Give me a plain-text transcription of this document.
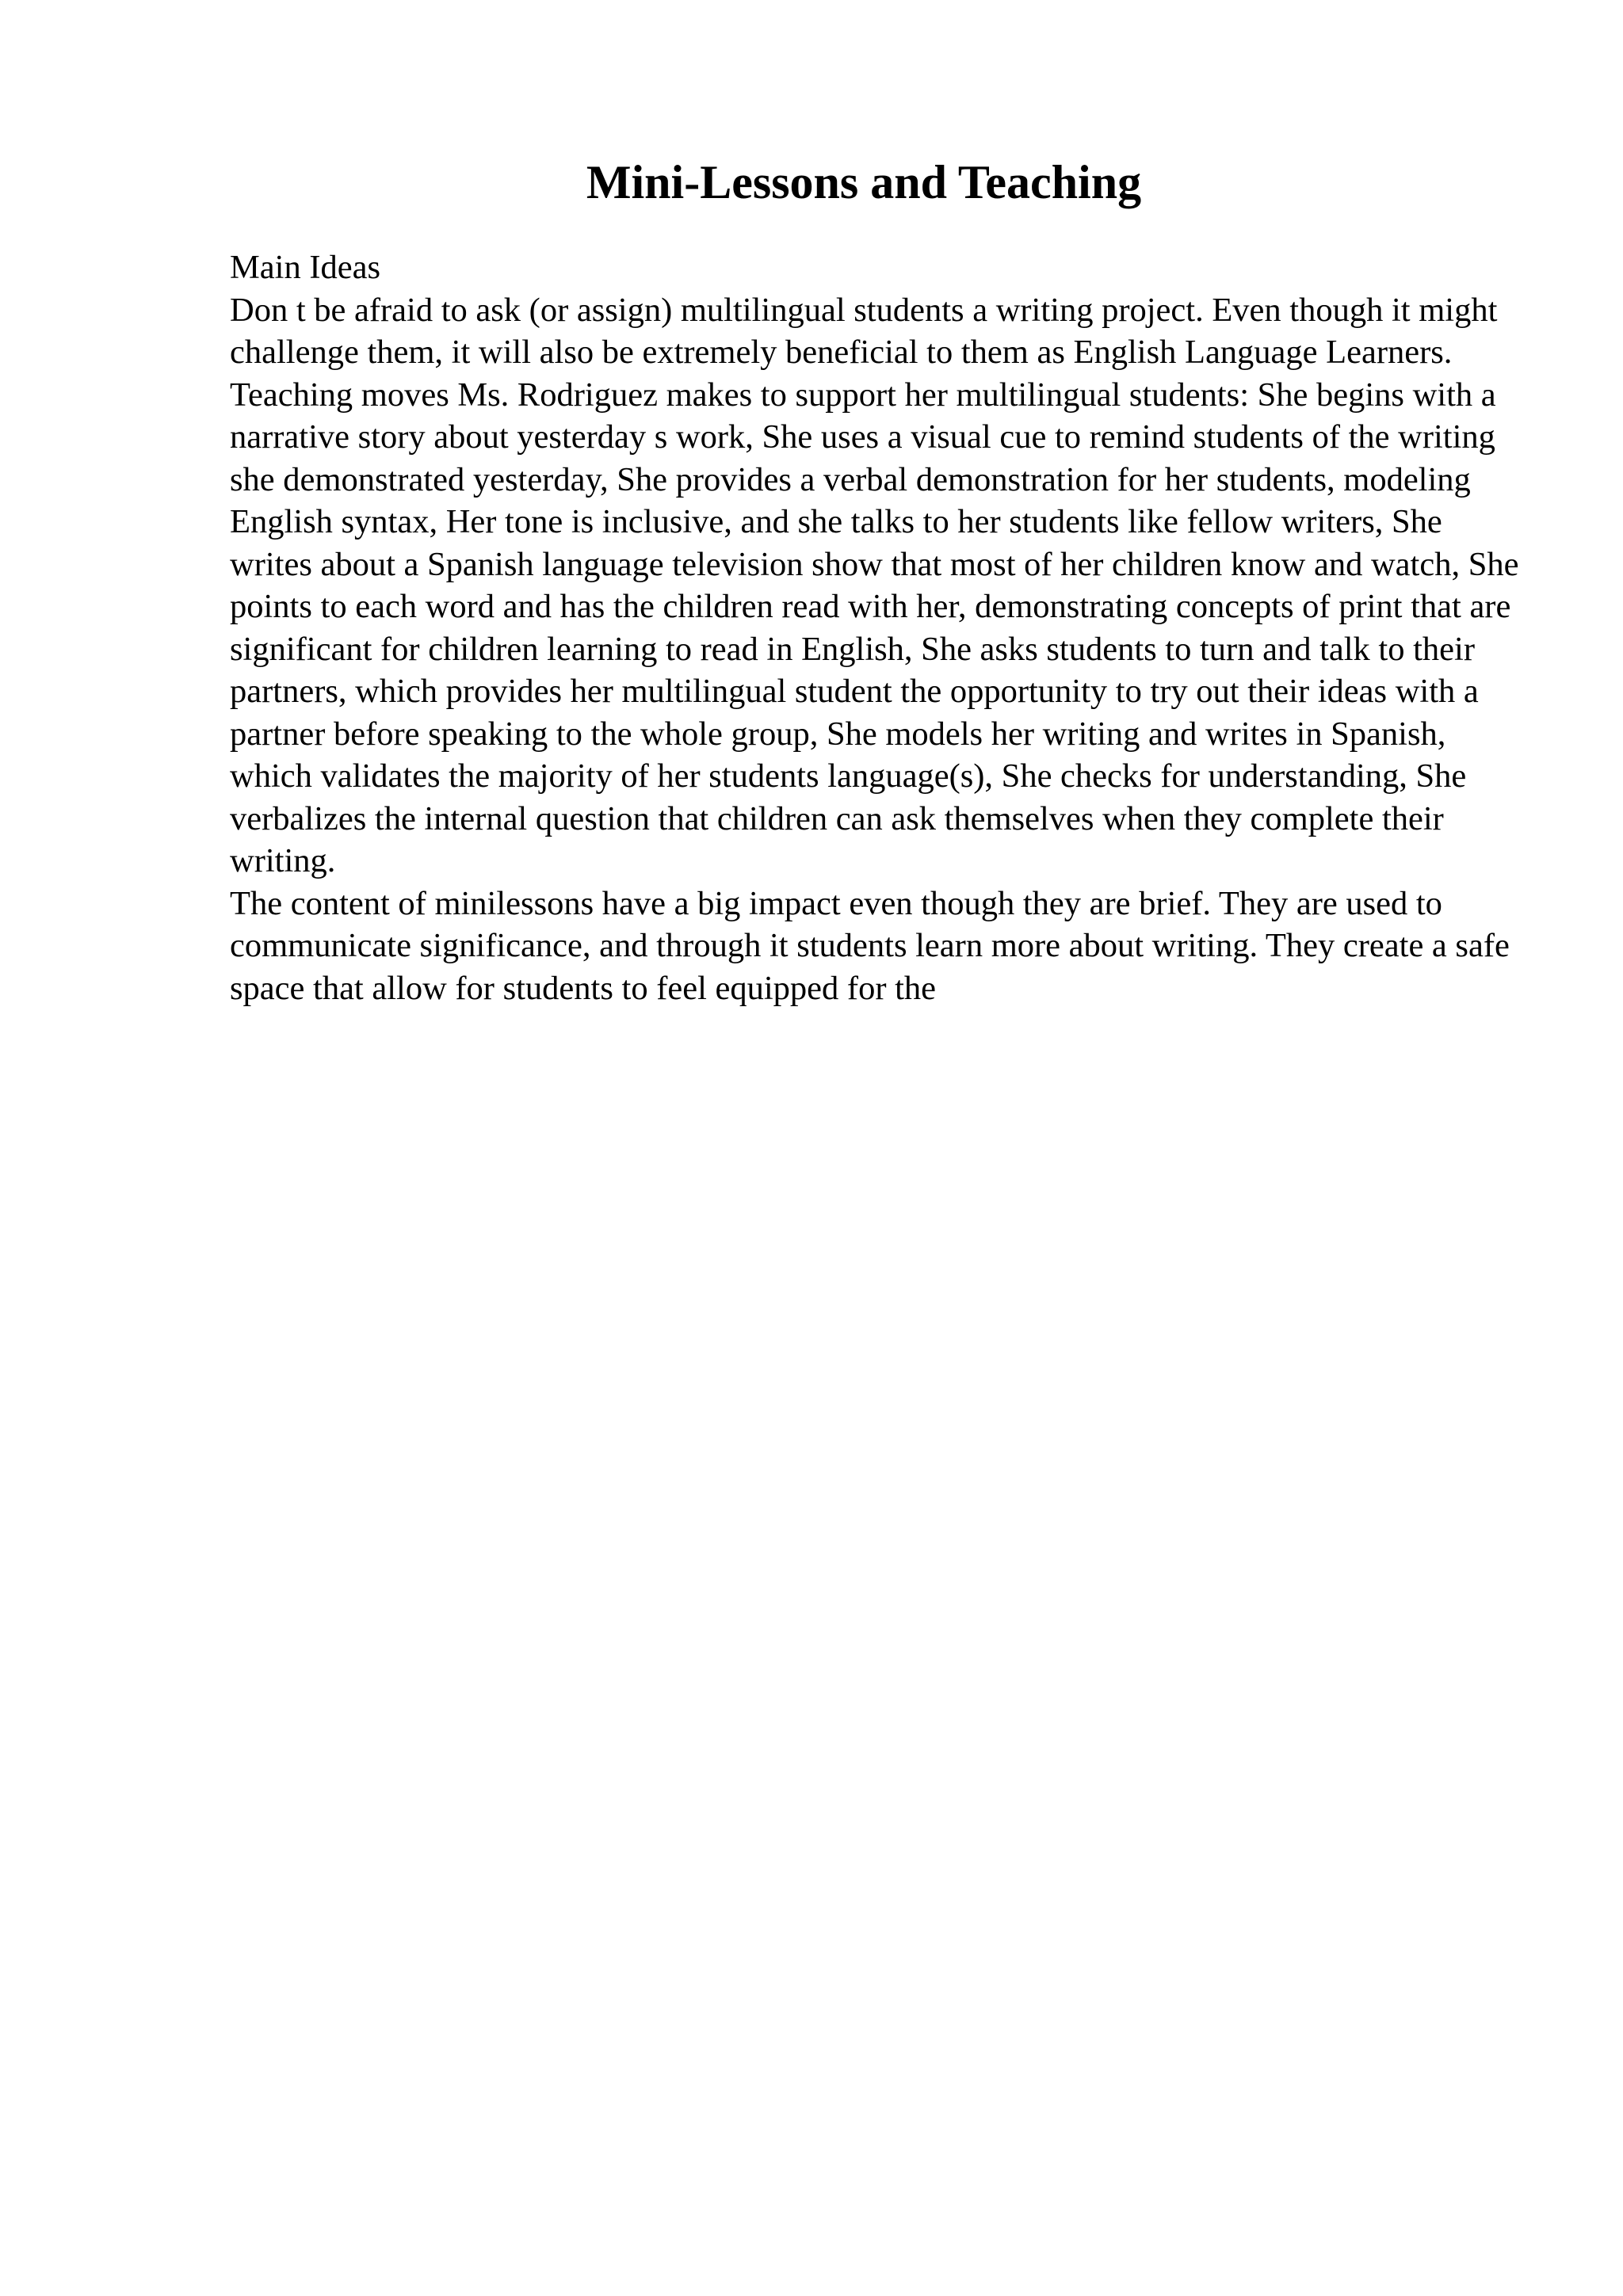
Mini-Lessons and Teaching

Main Ideas

Don t be afraid to ask (or assign) multilingual students a writing project. Even though it might challenge them, it will also be extremely beneficial to them as English Language Learners.

Teaching moves Ms. Rodriguez makes to support her multilingual students: She begins with a narrative story about yesterday s work, She uses a visual cue to remind students of the writing she demonstrated yesterday, She provides a verbal demonstration for her students, modeling English syntax, Her tone is inclusive, and she talks to her students like fellow writers, She writes about a Spanish language television show that most of her children know and watch, She points to each word and has the children read with her, demonstrating concepts of print that are significant for children learning to read in English, She asks students to turn and talk to their partners, which provides her multilingual student the opportunity to try out their ideas with a partner before speaking to the whole group, She models her writing and writes in Spanish, which validates the majority of her students language(s), She checks for understanding, She verbalizes the internal question that children can ask themselves when they complete their writing.

The content of minilessons have a big impact even though they are brief. They are used to communicate significance, and through it students learn more about writing. They create a safe space that allow for students to feel equipped for the
